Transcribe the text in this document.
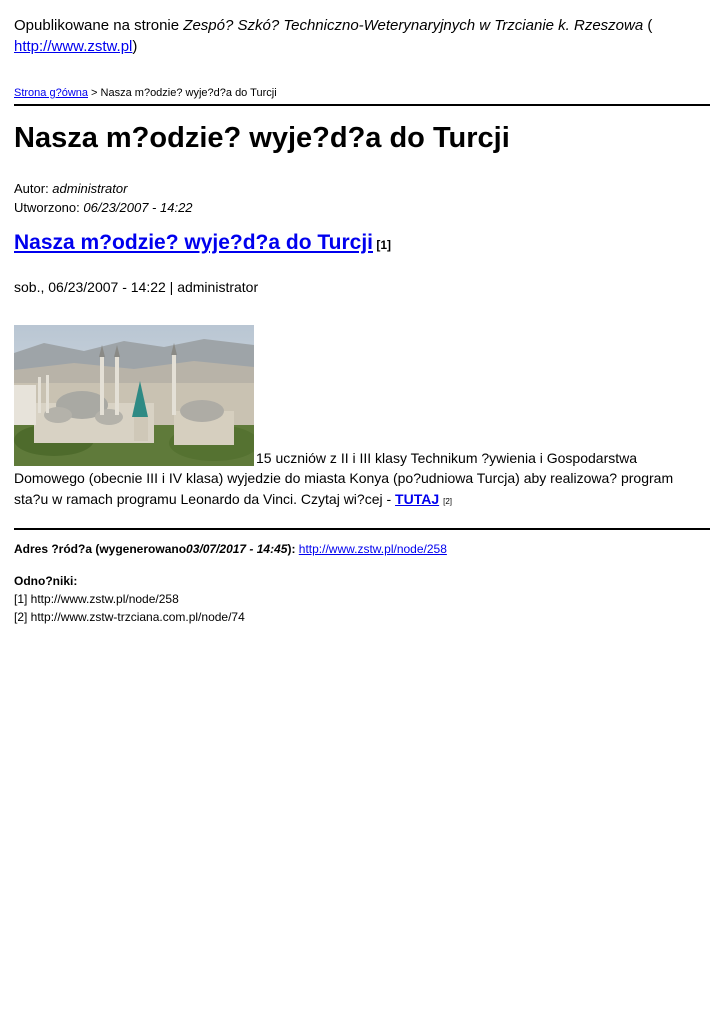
Opublikowane na stronie Zespó? Szkó? Techniczno-Weterynaryjnych w Trzcianie k. Rzeszowa (
http://www.zstw.pl)
Strona g?ówna > Nasza m?odzie? wyje?d?a do Turcji
Nasza m?odzie? wyje?d?a do Turcji
Autor: administrator
Utworzono: 06/23/2007 - 14:22
Nasza m?odzie? wyje?d?a do Turcji [1]
sob., 06/23/2007 - 14:22 | administrator
15 uczniów z II i III klasy Technikum ?ywienia i Gospodarstwa
Domowego (obecnie III i IV klasa) wyjedzie do miasta Konya (po?udniowa Turcja) aby realizowa? program
sta?u w ramach programu Leonardo da Vinci. Czytaj wi?cej - TUTAJ [2]
Adres ?ród?a (wygenerowano03/07/2017 - 14:45): http://www.zstw.pl/node/258
Odno?niki:
[1] http://www.zstw.pl/node/258
[2] http://www.zstw-trzciana.com.pl/node/74
